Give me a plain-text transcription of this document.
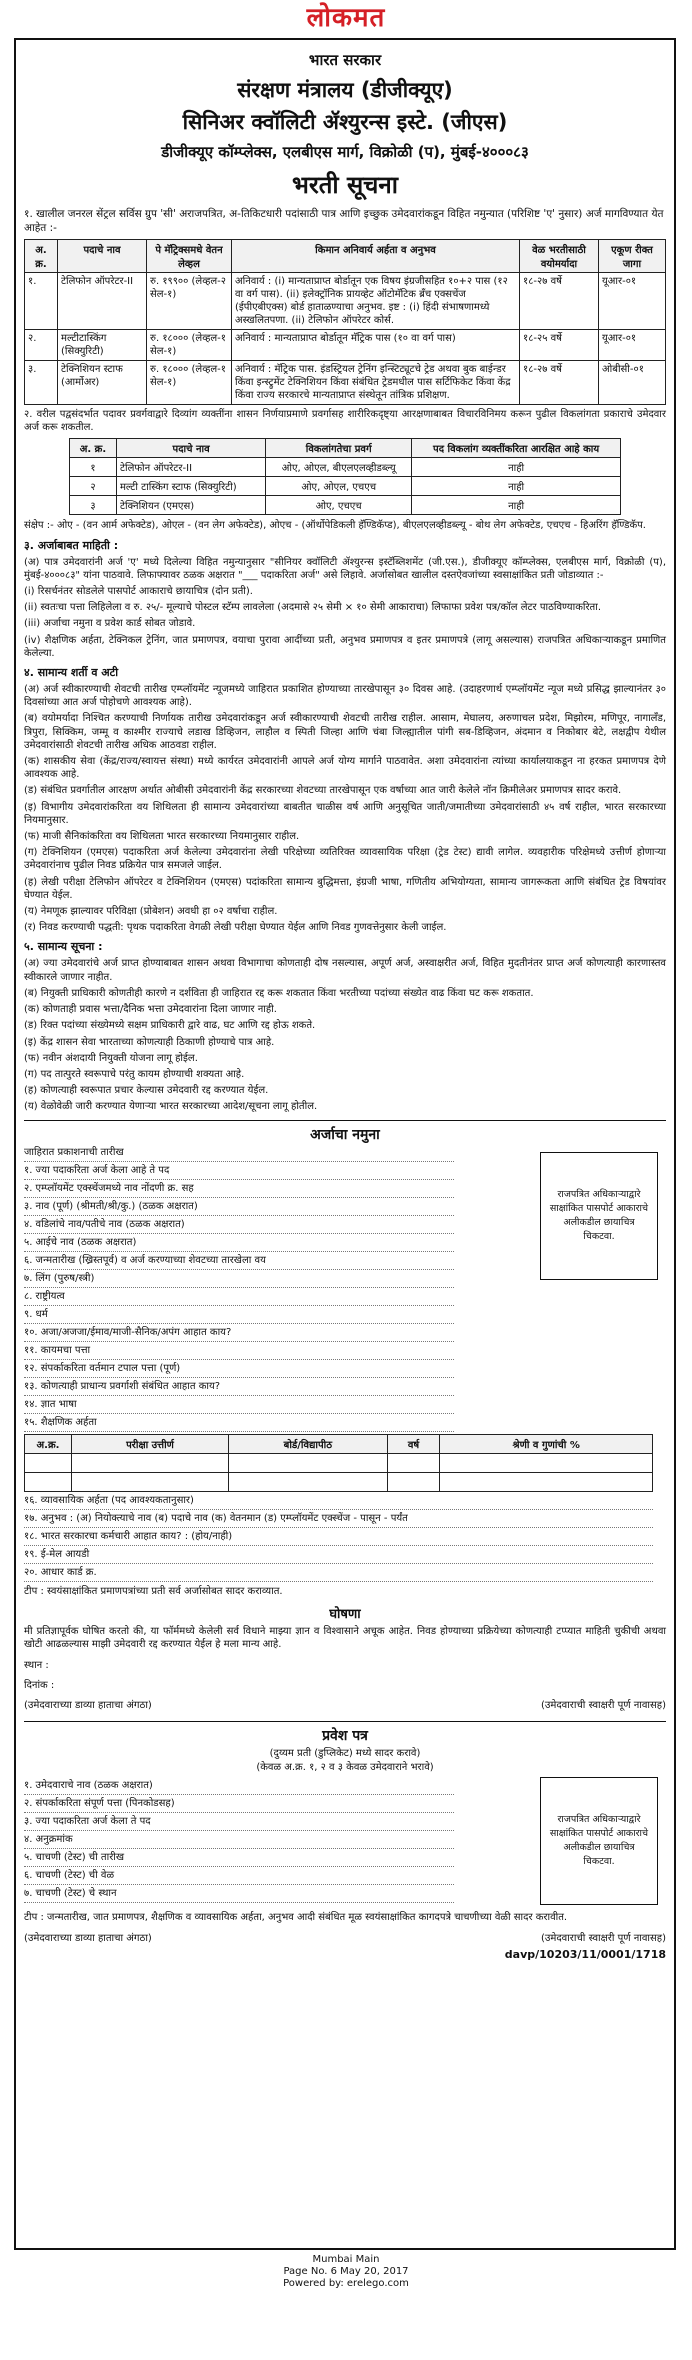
लोकमत
भारत सरकार
संरक्षण मंत्रालय (डीजीक्यूए)
सिनिअर क्वॉलिटी ॲश्युरन्स इस्टे. (जीएस)
डीजीक्यूए कॉम्प्लेक्स, एलबीएस मार्ग, विक्रोळी (प), मुंबई-४०००८३
भरती सूचना
१. खालील जनरल सेंट्रल सर्विस ग्रुप 'सी' अराजपत्रित, अ-तिकिटधारी पदांसाठी पात्र आणि इच्छुक उमेदवारांकडून विहित नमुन्यात (परिशिष्ट 'ए' नुसार) अर्ज मागविण्यात येत आहेत :-
अ. क्र.	पदाचे नाव	पे मॅट्रिक्समधे वेतन लेव्हल	किमान अनिवार्य अर्हता व अनुभव	वेळ भरतीसाठी वयोमर्यादा	एकूण रीक्त जागा
१.	टेलिफोन ऑपरेटर-II	रु. १९९०० (लेव्हल-२ सेल-१)	अनिवार्य : (i) मान्यताप्राप्त बोर्डातून एक विषय इंग्रजीसहित १०+२ पास (१२ वा वर्ग पास). (ii) इलेक्ट्रॉनिक प्रायव्हेट ऑटोमॅटिक ब्रँच एक्सचेंज (ईपीएबीएक्स) बोर्ड हाताळण्याचा अनुभव. इष्ट : (i) हिंदी संभाषणामध्ये अस्खलितपणा. (ii) टेलिफोन ऑपरेटर कोर्स.	१८-२७ वर्षे	यूआर-०१
२.	मल्टीटास्किंग (सिक्युरिटी)	रु. १८००० (लेव्हल-१ सेल-१)	अनिवार्य : मान्यताप्राप्त बोर्डातून मॅट्रिक पास (१० वा वर्ग पास)	१८-२५ वर्षे	यूआर-०१
३.	टेक्निशियन स्टाफ (आर्मोअर)	रु. १८००० (लेव्हल-१ सेल-१)	अनिवार्य : मॅट्रिक पास. इंडस्ट्रियल ट्रेनिंग इन्स्टिट्यूटचे ट्रेड अथवा बुक बाईन्डर किंवा इन्स्ट्रुमेंट टेक्निशियन किंवा संबंधित ट्रेडमधील पास सर्टिफिकेट किंवा केंद्र किंवा राज्य सरकारचे मान्यताप्राप्त संस्थेतून तांत्रिक प्रशिक्षण.	१८-२७ वर्षे	ओबीसी-०१
२. वरील पद्वसंदर्भात पदावर प्रवर्गवाद्वारे दिव्यांग व्यक्तींना शासन निर्णयाप्रमाणे प्रवर्गासह शारीरिकदृष्ट्या आरक्षणाबाबत विचारविनिमय करून पुढील विकलांगता प्रकाराचे उमेदवार अर्ज करू शकतील.
अ. क्र.	पदाचे नाव	विकलांगतेचा प्रवर्ग	पद विकलांग व्यक्तींकरिता आरक्षित आहे काय
१	टेलिफोन ऑपरेटर-II	ओए, ओएल, बीएलएलव्हीडब्ल्यू	नाही
२	मल्टी टास्किंग स्टाफ (सिक्युरिटी)	ओए, ओएल, एचएच	नाही
३	टेक्निशियन (एमएस)	ओए, एचएच	नाही
संक्षेप :- ओए - (वन आर्म अफेक्टेड), ओएल - (वन लेग अफेक्टेड), ओएच - (ऑर्थोपेडिकली हॅण्डिकॅप्ड), बीएलएलव्हीडब्ल्यू - बोथ लेग अफेक्टेड, एचएच - हिअरिंग हॅण्डिकॅप.
३. अर्जाबाबत माहिती :
(अ) पात्र उमेदवारांनी अर्ज 'ए' मध्ये दिलेल्या विहित नमुन्यानुसार "सीनियर क्वॉलिटी ॲश्युरन्स इस्टॅब्लिशमेंट (जी.एस.), डीजीक्यूए कॉम्प्लेक्स, एलबीएस मार्ग, विक्रोळी (प), मुंबई-४०००८३" यांना पाठवावे. लिफाफ्यावर ठळक अक्षरात "___ पदाकरिता अर्ज" असे लिहावे. अर्जासोबत खालील दस्तऐवजांच्या स्वसाक्षांकित प्रती जोडाव्यात :-
(i) रिसर्चनंतर सोडलेले पासपोर्ट आकाराचे छायाचित्र (दोन प्रती).
(ii) स्वतःचा पत्ता लिहिलेला व रु. २५/- मूल्याचे पोस्टल स्टॅम्प लावलेला (अदमासे २५ सेमी × १० सेमी आकाराचा) लिफाफा प्रवेश पत्र/कॉल लेटर पाठविण्याकरिता.
(iii) अर्जाचा नमुना व प्रवेश कार्ड सोबत जोडावे.
(iv) शैक्षणिक अर्हता, टेक्निकल ट्रेनिंग, जात प्रमाणपत्र, वयाचा पुरावा आदींच्या प्रती, अनुभव प्रमाणपत्र व इतर प्रमाणपत्रे (लागू असल्यास) राजपत्रित अधिकाऱ्याकडून प्रमाणित केलेल्या.
४. सामान्य शर्ती व अटी
(अ) अर्ज स्वीकारण्याची शेवटची तारीख एम्प्लॉयमेंट न्यूजमध्ये जाहिरात प्रकाशित होण्याच्या तारखेपासून ३० दिवस आहे. (उदाहरणार्थ एम्प्लॉयमेंट न्यूज मध्ये प्रसिद्ध झाल्यानंतर ३० दिवसांच्या आत अर्ज पोहोचणे आवश्यक आहे).
(ब) वयोमर्यादा निश्चित करण्याची निर्णायक तारीख उमेदवारांकडून अर्ज स्वीकारण्याची शेवटची तारीख राहील. आसाम, मेघालय, अरुणाचल प्रदेश, मिझोरम, मणिपूर, नागालँड, त्रिपुरा, सिक्किम, जम्मू व काश्मीर राज्याचे लडाख डिव्हिजन, लाहौल व स्पिती जिल्हा आणि चंबा जिल्ह्यातील पांगी सब-डिव्हिजन, अंदमान व निकोबार बेटे, लक्षद्वीप येथील उमेदवारांसाठी शेवटची तारीख अधिक आठवडा राहील.
(क) शासकीय सेवा (केंद्र/राज्य/स्वायत्त संस्था) मध्ये कार्यरत उमेदवारांनी आपले अर्ज योग्य मार्गाने पाठवावेत. अशा उमेदवारांना त्यांच्या कार्यालयाकडून ना हरकत प्रमाणपत्र देणे आवश्यक आहे.
(ड) संबंधित प्रवर्गातील आरक्षण अर्थात ओबीसी उमेदवारांनी केंद्र सरकारच्या शेवटच्या तारखेपासून एक वर्षाच्या आत जारी केलेले नॉन क्रिमीलेअर प्रमाणपत्र सादर करावे.
(इ) विभागीय उमेदवारांकरिता वय शिथिलता ही सामान्य उमेदवारांच्या बाबतीत चाळीस वर्ष आणि अनुसूचित जाती/जमातीच्या उमेदवारांसाठी ४५ वर्ष राहील, भारत सरकारच्या नियमानुसार.
(फ) माजी सैनिकांकरिता वय शिथिलता भारत सरकारच्या नियमानुसार राहील.
(ग) टेक्निशियन (एमएस) पदाकरिता अर्ज केलेल्या उमेदवारांना लेखी परिक्षेच्या व्यतिरिक्त व्यावसायिक परिक्षा (ट्रेड टेस्ट) द्यावी लागेल. व्यवहारीक परिक्षेमध्ये उत्तीर्ण होणाऱ्या उमेदवारांनाच पुढील निवड प्रक्रियेत पात्र समजले जाईल.
(ह) लेखी परीक्षा टेलिफोन ऑपरेटर व टेक्निशियन (एमएस) पदांकरिता सामान्य बुद्धिमत्ता, इंग्रजी भाषा, गणितीय अभियोग्यता, सामान्य जागरूकता आणि संबंधित ट्रेड विषयांवर घेण्यात येईल.
(य) नेमणूक झाल्यावर परिविक्षा (प्रोबेशन) अवधी हा ०२ वर्षाचा राहील.
(र) निवड करण्याची पद्धती: पृथक पदाकरिता वेगळी लेखी परीक्षा घेण्यात येईल आणि निवड गुणवत्तेनुसार केली जाईल.
५. सामान्य सूचना :
(अ) ज्या उमेदवारांचे अर्ज प्राप्त होण्याबाबत शासन अथवा विभागाचा कोणताही दोष नसल्यास, अपूर्ण अर्ज, अस्वाक्षरीत अर्ज, विहित मुदतीनंतर प्राप्त अर्ज कोणत्याही कारणास्तव स्वीकारले जाणार नाहीत.
(ब) नियुक्ती प्राधिकारी कोणतीही कारणे न दर्शविता ही जाहिरात रद्द करू शकतात किंवा भरतीच्या पदांच्या संख्येत वाढ किंवा घट करू शकतात.
(क) कोणताही प्रवास भत्ता/दैनिक भत्ता उमेदवारांना दिला जाणार नाही.
(ड) रिक्त पदांच्या संख्येमध्ये सक्षम प्राधिकारी द्वारे वाढ, घट आणि रद्द होऊ शकते.
(इ) केंद्र शासन सेवा भारताच्या कोणत्याही ठिकाणी होण्याचे पात्र आहे.
(फ) नवीन अंशदायी नियुक्ती योजना लागू होईल.
(ग) पद तात्पुरते स्वरूपाचे परंतु कायम होण्याची शक्यता आहे.
(ह) कोणत्याही स्वरूपात प्रचार केल्यास उमेदवारी रद्द करण्यात येईल.
(य) वेळोवेळी जारी करण्यात येणाऱ्या भारत सरकारच्या आदेश/सूचना लागू होतील.
अर्जाचा नमुना
राजपत्रित अधिकाऱ्याद्वारे साक्षांकित पासपोर्ट आकाराचे अलीकडील छायाचित्र चिकटवा.
जाहिरात प्रकाशनाची तारीख
१. ज्या पदाकरिता अर्ज केला आहे ते पद
२. एम्प्लॉयमेंट एक्स्चेंजमध्ये नाव नोंदणी क्र. सह
३. नाव (पूर्ण) (श्रीमती/श्री/कु.) (ठळक अक्षरात)
४. वडिलांचे नाव/पतीचे नाव (ठळक अक्षरात)
५. आईचे नाव (ठळक अक्षरात)
६. जन्मतारीख (ख्रिस्तपूर्व) व अर्ज करण्याच्या शेवटच्या तारखेला वय
७. लिंग (पुरुष/स्त्री)
८. राष्ट्रीयत्व
९. धर्म
१०. अजा/अजजा/ईमाव/माजी-सैनिक/अपंग आहात काय?
११. कायमचा पत्ता
१२. संपर्काकरिता वर्तमान टपाल पत्ता (पूर्ण)
१३. कोणत्याही प्राधान्य प्रवर्गाशी संबंधित आहात काय?
१४. ज्ञात भाषा
१५. शैक्षणिक अर्हता
अ.क्र.	परीक्षा उत्तीर्ण	बोर्ड/विद्यापीठ	वर्ष	श्रेणी व गुणांची %

१६. व्यावसायिक अर्हता (पद आवश्यकतानुसार)
१७. अनुभव : (अ) नियोक्त्याचे नाव (ब) पदाचे नाव (क) वेतनमान (ड) एम्प्लॉयमेंट एक्स्चेंज - पासून - पर्यंत
१८. भारत सरकारचा कर्मचारी आहात काय? : (होय/नाही)
१९. ई-मेल आयडी
२०. आधार कार्ड क्र.
टीप : स्वयंसाक्षांकित प्रमाणपत्रांच्या प्रती सर्व अर्जासोबत सादर कराव्यात.
घोषणा
मी प्रतिज्ञापूर्वक घोषित करतो की, या फॉर्ममध्ये केलेली सर्व विधाने माझ्या ज्ञान व विश्वासाने अचूक आहेत. निवड होण्याच्या प्रक्रियेच्या कोणत्याही टप्प्यात माहिती चुकीची अथवा खोटी आढळल्यास माझी उमेदवारी रद्द करण्यात येईल हे मला मान्य आहे.
स्थान :
दिनांक :
(उमेदवाराच्या डाव्या हाताचा अंगठा)	(उमेदवाराची स्वाक्षरी पूर्ण नावासह)
प्रवेश पत्र
(दुय्यम प्रती (डुप्लिकेट) मध्ये सादर करावे)
(केवळ अ.क्र. १, २ व ३ केवळ उमेदवाराने भरावे)
राजपत्रित अधिकाऱ्याद्वारे साक्षांकित पासपोर्ट आकाराचे अलीकडील छायाचित्र चिकटवा.
१. उमेदवाराचे नाव (ठळक अक्षरात)
२. संपर्काकरिता संपूर्ण पत्ता (पिनकोडसह)
३. ज्या पदाकरिता अर्ज केला ते पद
४. अनुक्रमांक
५. चाचणी (टेस्ट) ची तारीख
६. चाचणी (टेस्ट) ची वेळ
७. चाचणी (टेस्ट) चे स्थान
टीप : जन्मतारीख, जात प्रमाणपत्र, शैक्षणिक व व्यावसायिक अर्हता, अनुभव आदी संबंधित मूळ स्वयंसाक्षांकित कागदपत्रे चाचणीच्या वेळी सादर करावीत.
(उमेदवाराच्या डाव्या हाताचा अंगठा)	(उमेदवाराची स्वाक्षरी पूर्ण नावासह)
davp/10203/11/0001/1718
Mumbai Main
Page No. 6 May 20, 2017
Powered by: erelego.com
